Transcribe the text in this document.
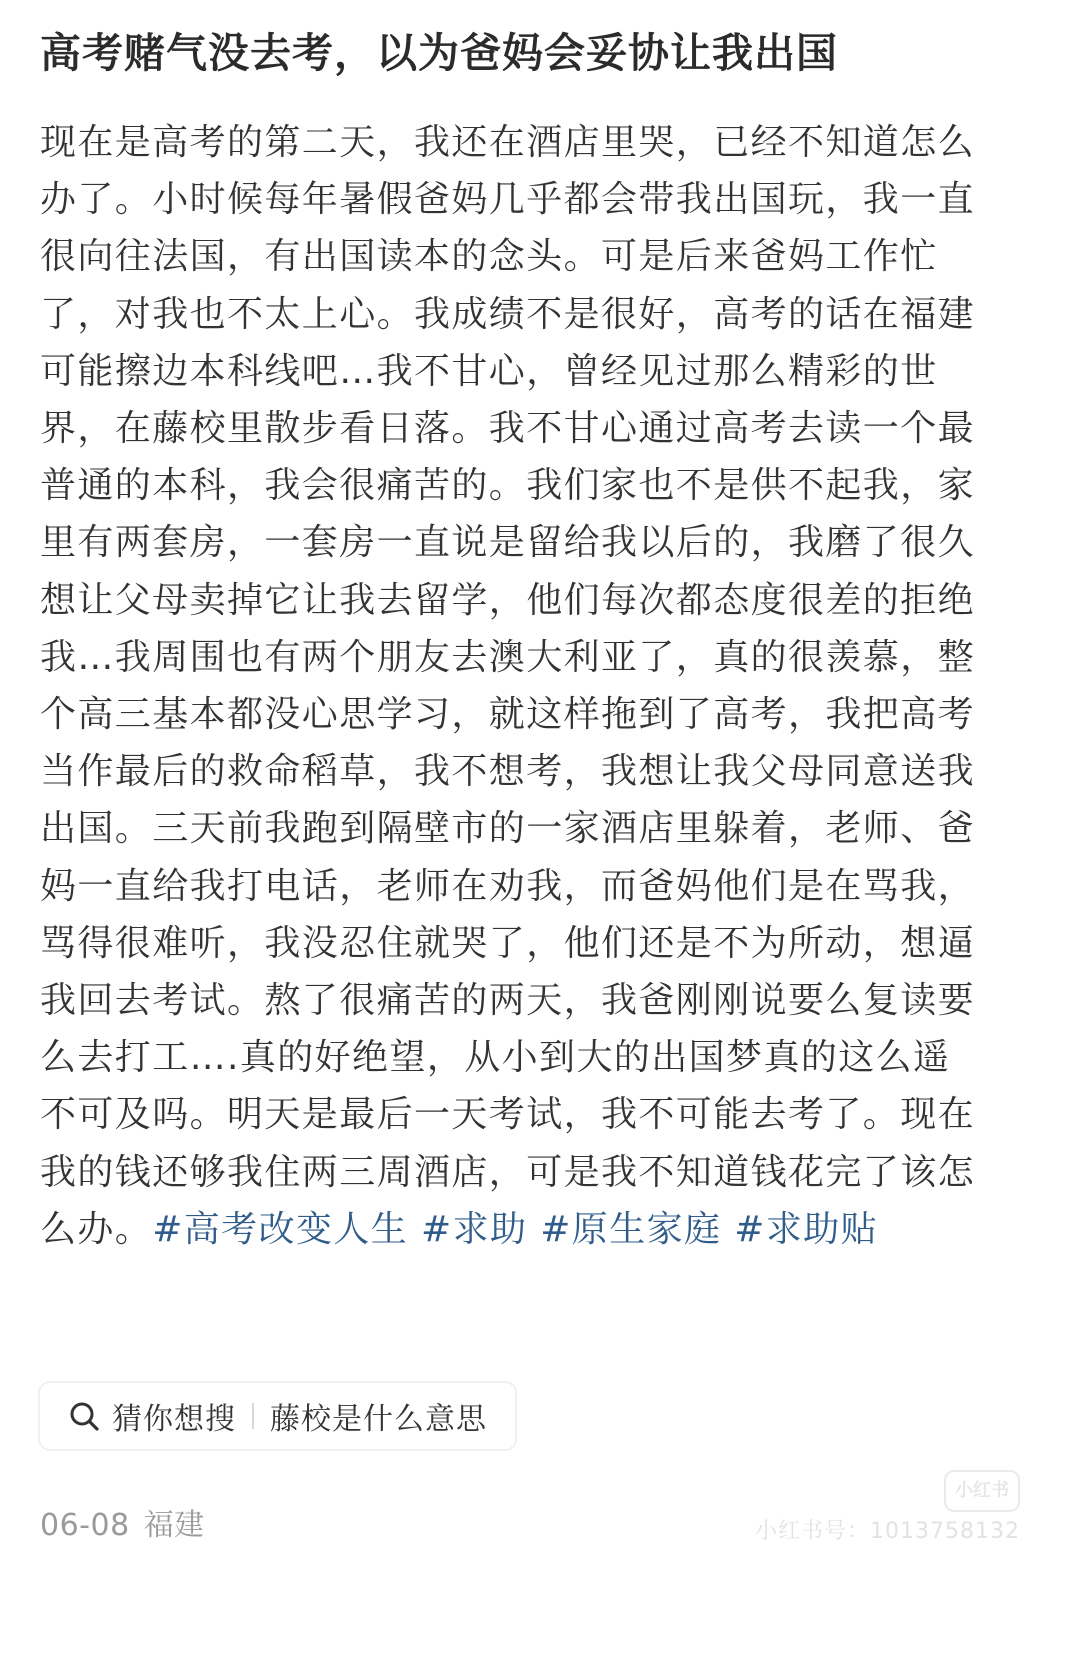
高考赌气没去考，以为爸妈会妥协让我出国
现在是高考的第二天，我还在酒店里哭，已经不知道怎么办了。小时候每年暑假爸妈几乎都会带我出国玩，我一直很向往法国，有出国读本的念头。可是后来爸妈工作忙了，对我也不太上心。我成绩不是很好，高考的话在福建可能擦边本科线吧…我不甘心，曾经见过那么精彩的世界，在藤校里散步看日落。我不甘心通过高考去读一个最普通的本科，我会很痛苦的。我们家也不是供不起我，家里有两套房，一套房一直说是留给我以后的，我磨了很久想让父母卖掉它让我去留学，他们每次都态度很差的拒绝我…我周围也有两个朋友去澳大利亚了，真的很羡慕，整个高三基本都没心思学习，就这样拖到了高考，我把高考当作最后的救命稻草，我不想考，我想让我父母同意送我出国。三天前我跑到隔壁市的一家酒店里躲着，老师、爸妈一直给我打电话，老师在劝我，而爸妈他们是在骂我，骂得很难听，我没忍住就哭了，他们还是不为所动，想逼我回去考试。熬了很痛苦的两天，我爸刚刚说要么复读要么去打工….真的好绝望，从小到大的出国梦真的这么遥不可及吗。明天是最后一天考试，我不可能去考了。现在我的钱还够我住两三周酒店，可是我不知道钱花完了该怎么办。#高考改变人生 #求助 #原生家庭 #求助贴
猜你想搜 藤校是什么意思
06-08 福建
小红书
小红书号：1013758132
